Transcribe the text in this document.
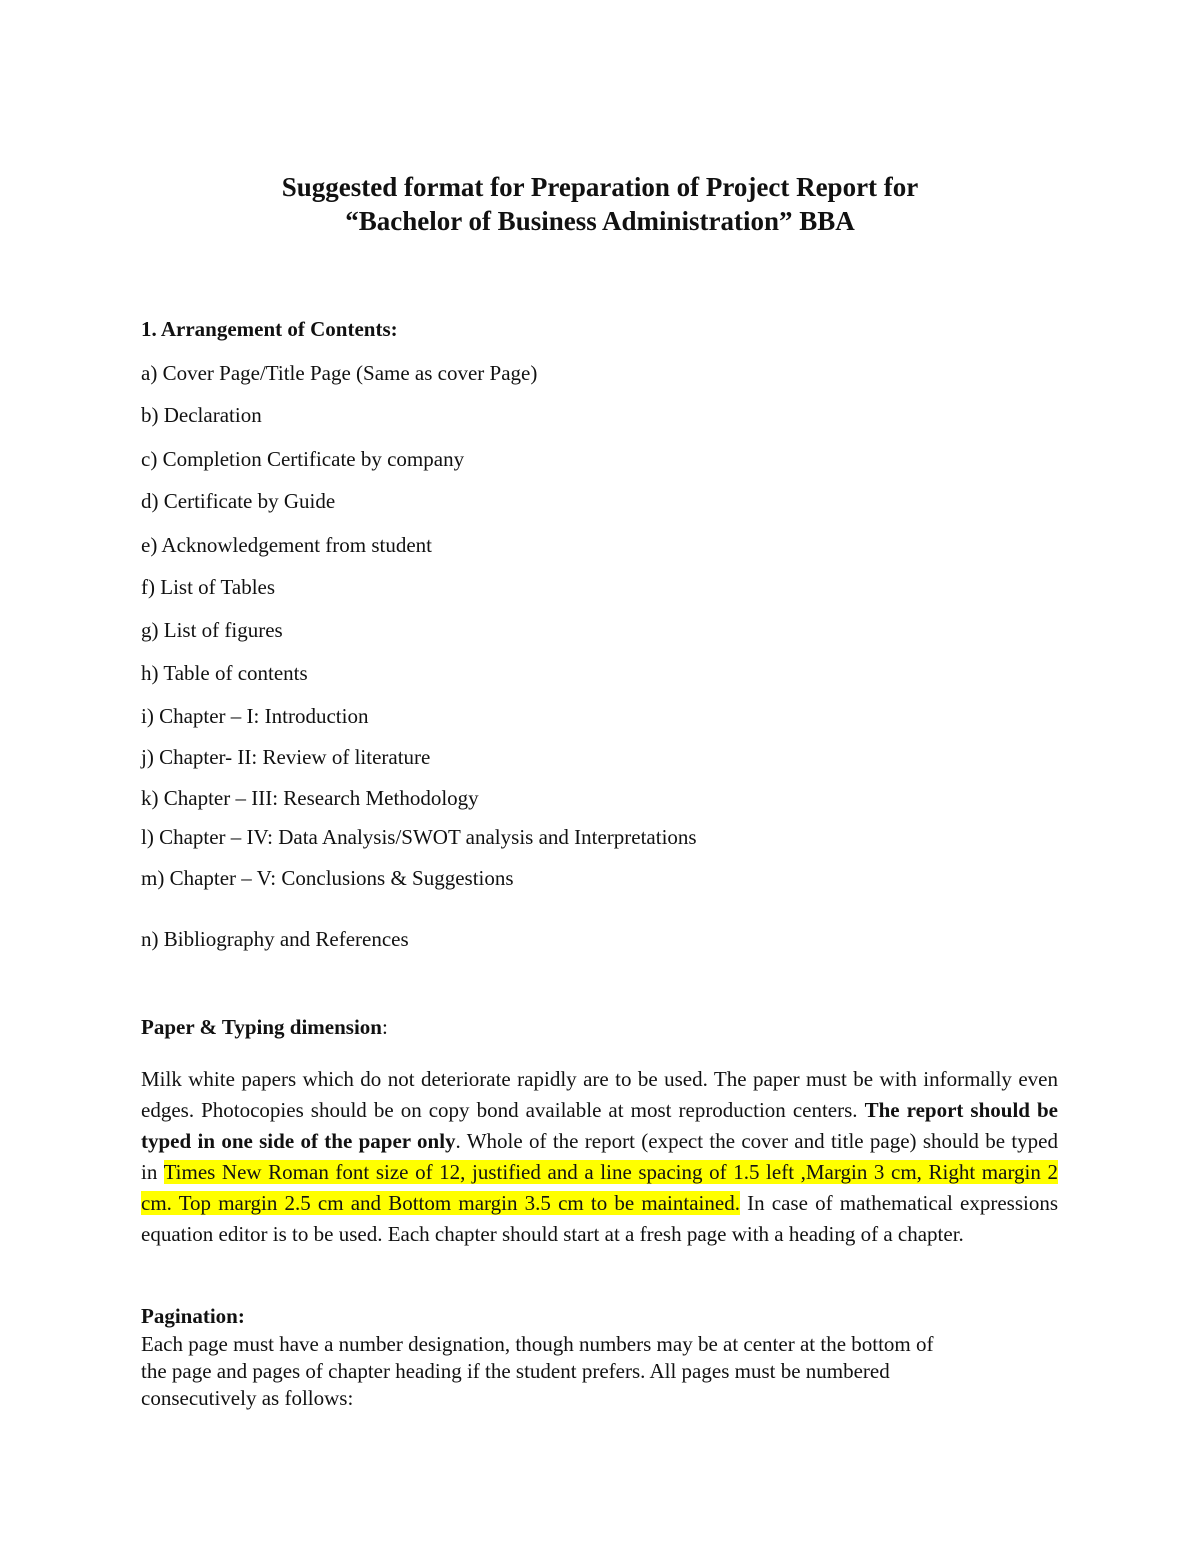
Suggested format for Preparation of Project Report for
“Bachelor of Business Administration” BBA
1. Arrangement of Contents:
a) Cover Page/Title Page (Same as cover Page)
b) Declaration
c) Completion Certificate by company
d) Certificate by Guide
e) Acknowledgement from student
f) List of Tables
g) List of figures
h) Table of contents
i) Chapter – I: Introduction
j) Chapter- II: Review of literature
k) Chapter – III: Research Methodology
l) Chapter – IV: Data Analysis/SWOT analysis and Interpretations
m) Chapter – V: Conclusions & Suggestions
n) Bibliography and References
Paper & Typing dimension:
Milk white papers which do not deteriorate rapidly are to be used. The paper must be with informally even edges. Photocopies should be on copy bond available at most reproduction centers. The report should be typed in one side of the paper only. Whole of the report (expect the cover and title page) should be typed in Times New Roman font size of 12, justified and a line spacing of 1.5 left ,Margin 3 cm, Right margin 2 cm. Top margin 2.5 cm and Bottom margin 3.5 cm to be maintained. In case of mathematical expressions equation editor is to be used. Each chapter should start at a fresh page with a heading of a chapter.
Pagination:
Each page must have a number designation, though numbers may be at center at the bottom of
the page and pages of chapter heading if the student prefers. All pages must be numbered
consecutively as follows:
